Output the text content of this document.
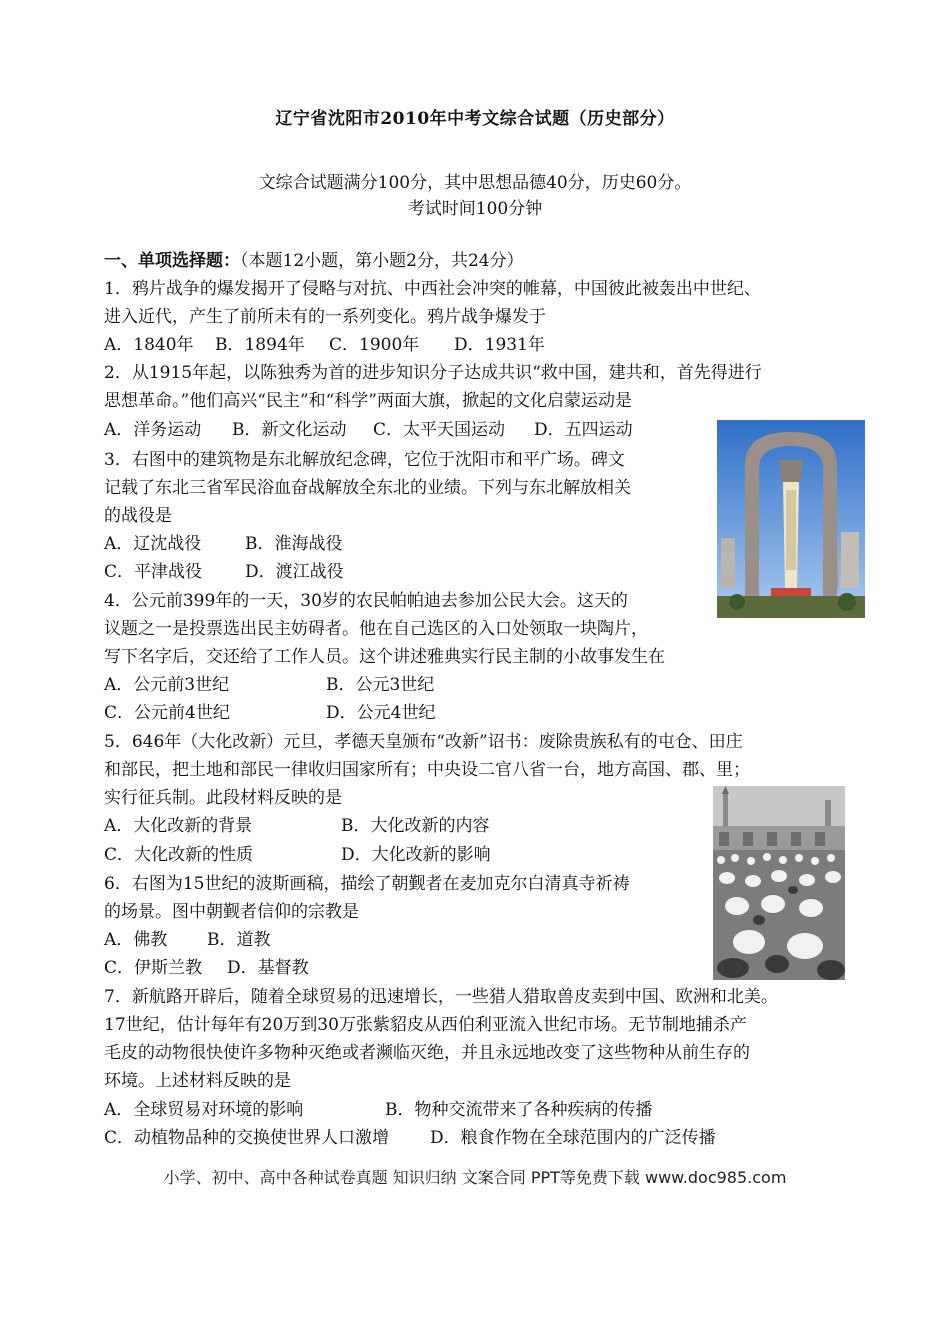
辽宁省沈阳市2010年中考文综合试题（历史部分）
文综合试题满分100分，其中思想品德40分，历史60分。
考试时间100分钟
一、单项选择题：（本题12小题，第小题2分，共24分）
1．鸦片战争的爆发揭开了侵略与对抗、中西社会冲突的帷幕，中国彼此被轰出中世纪、
进入近代，产生了前所未有的一系列变化。鸦片战争爆发于
A．1840年 B．1894年 C．1900年 D．1931年
2．从1915年起，以陈独秀为首的进步知识分子达成共识“救中国，建共和，首先得进行
思想革命。”他们高兴“民主”和“科学”两面大旗，掀起的文化启蒙运动是
A．洋务运动 B．新文化运动 C．太平天国运动 D．五四运动
3．右图中的建筑物是东北解放纪念碑，它位于沈阳市和平广场。碑文
记载了东北三省军民浴血奋战解放全东北的业绩。下列与东北解放相关
的战役是
A．辽沈战役	B．淮海战役
C．平津战役	D．渡江战役
4．公元前399年的一天，30岁的农民帕帕迪去参加公民大会。这天的
议题之一是投票选出民主妨碍者。他在自己选区的入口处领取一块陶片，
写下名字后，交还给了工作人员。这个讲述雅典实行民主制的小故事发生在
A．公元前3世纪	B．公元3世纪
C．公元前4世纪	D．公元4世纪
5．646年（大化改新）元旦，孝德天皇颁布“改新”诏书：废除贵族私有的屯仓、田庄
和部民，把土地和部民一律收归国家所有；中央设二官八省一台，地方高国、郡、里；
实行征兵制。此段材料反映的是
A．大化改新的背景	B．大化改新的内容
C．大化改新的性质	D．大化改新的影响
6．右图为15世纪的波斯画稿，描绘了朝觐者在麦加克尔白清真寺祈祷
的场景。图中朝觐者信仰的宗教是
A．佛教 B．道教
C．伊斯兰教 D．基督教
7．新航路开辟后，随着全球贸易的迅速增长，一些猎人猎取兽皮卖到中国、欧洲和北美。
17世纪，估计每年有20万到30万张紫貂皮从西伯利亚流入世纪市场。无节制地捕杀产
毛皮的动物很快使许多物种灭绝或者濒临灭绝，并且永远地改变了这些物种从前生存的
环境。上述材料反映的是
A．全球贸易对环境的影响	B．物种交流带来了各种疾病的传播
C．动植物品种的交换使世界人口激增 D．粮食作物在全球范围内的广泛传播
小学、初中、高中各种试卷真题 知识归纳 文案合同 PPT等免费下载 www.doc985.com
